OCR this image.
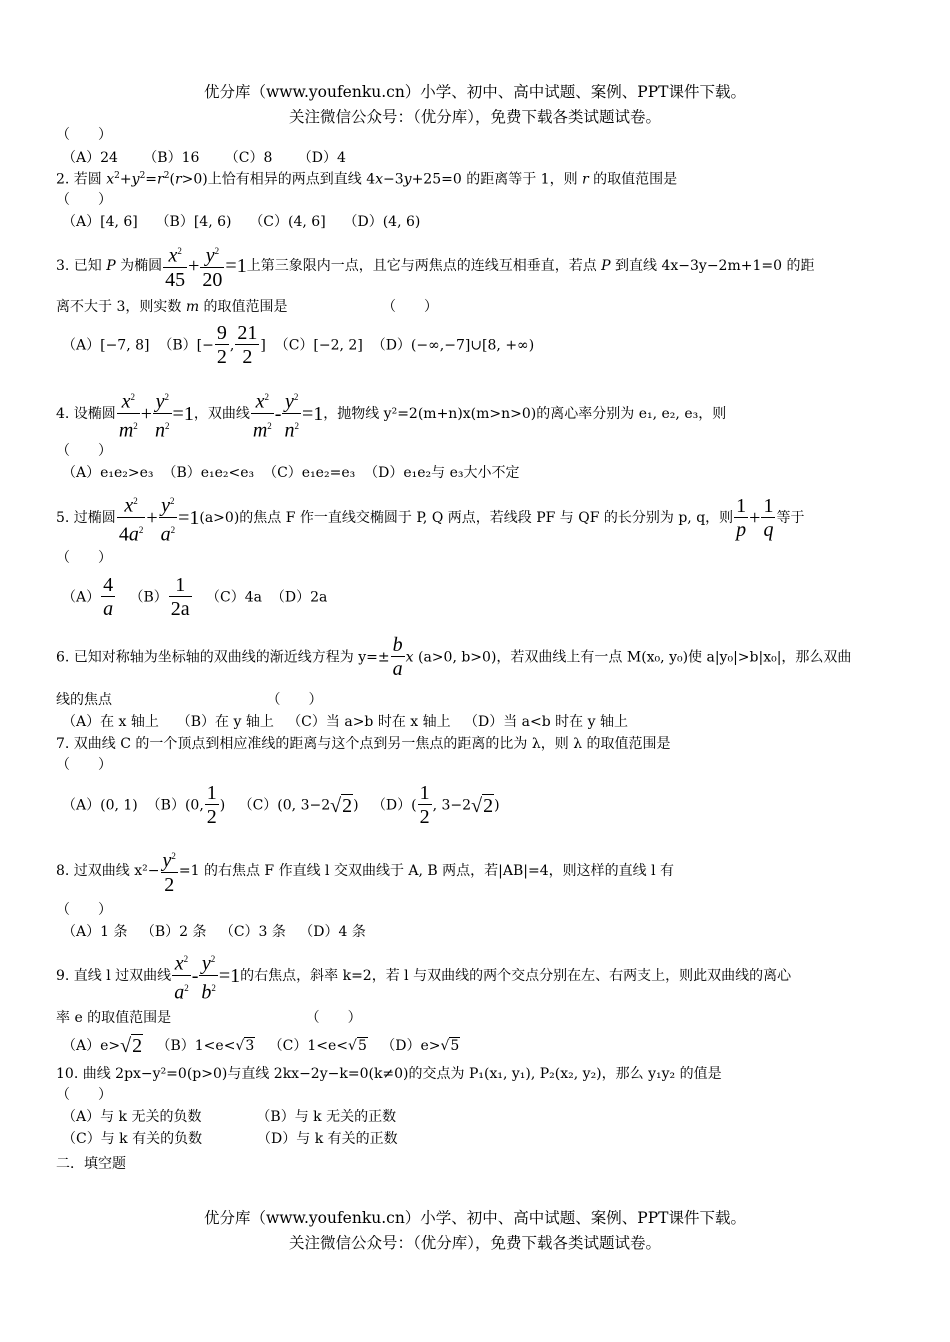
优分库（www.youfenku.cn）小学、初中、高中试题、案例、PPT课件下载。
关注微信公众号：（优分库），免费下载各类试题试卷。
（　　）
（A）24 （B）16 （C）8 （D）4
2. 若圆 $x^2+y^2=r^2(r>0)$上恰有相异的两点到直线 4x−3y+25=0 的距离等于 1，则 r 的取值范围是
（　　）
（A）[4, 6] （B）[4, 6) （C）(4, 6] （D）(4, 6)
3. 已知 P 为椭圆 $\frac{x^2}{45} + \frac{y^2}{20} =1$上第三象限内一点，且它与两焦点的连线互相垂直，若点 P 到直线 4x−3y−2m+1=0 的距
离不大于 3，则实数 m 的取值范围是	（　　）
（A）[−7, 8] $(B)[- \frac{9}{2}$ , $\frac{21}{2}$ ] （C）[−2, 2] （D）(−∞,−7]∪[8, +∞)
4. 设椭圆 $\frac{x^2}{m^2} + \frac{y^2}{n^2} =1$，双曲线 $\frac{x^2}{m^2} - \frac{y^2}{n^2} =1$，抛物线 y²=2(m+n)x(m>n>0)的离心率分别为 e₁, e₂, e₃，则
（　　）
（A）e₁e₂>e₃ （B）e₁e₂<e₃ （C）e₁e₂=e₃ （D）e₁e₂与 e₃大小不定
5. 过椭圆 $\frac{x^2}{4a^2} + \frac{y^2}{a^2} =1(a>0)$的焦点 F 作一直线交椭圆于 P, Q 两点，若线段 PF 与 QF 的长分别为 p, q，则 $\frac{1}{p} + \frac{1}{q}$ 等于
（　　）
$(A) \frac{4}{a} (B) \frac{1}{2a} (C)4a$ （D）2a
6. 已知对称轴为坐标轴的双曲线的渐近线方程为 $y=\pm \frac{b}{a}$ x (a>0, b>0)，若双曲线上有一点 M(x₀, y₀)使 a|y₀|>b|x₀|，那么双曲
线的焦点	（　　）
（A）在 x 轴上 （B）在 y 轴上 （C）当 a>b 时在 x 轴上 （D）当 a<b 时在 y 轴上
7. 双曲线 C 的一个顶点到相应准线的距离与这个点到另一焦点的距离的比为 λ，则 λ 的取值范围是
（　　）
（A）(0, 1) （B）(0, $\frac{1}{2}$ ) （C）(0, 3−2√2) $(D)( \frac{1}{2}$ , 3−2√2)
8. 过双曲线 $x^2- \frac{y^2}{2} =1$ 的右焦点 F 作直线 l 交双曲线于 A, B 两点，若|AB|=4，则这样的直线 l 有
（　　）
（A）1 条 （B）2 条 （C）3 条 （D）4 条
9. 直线 l 过双曲线 $\frac{x^2}{a^2} - \frac{y^2}{b^2} =1$的右焦点，斜率 k=2，若 l 与双曲线的两个交点分别在左、右两支上，则此双曲线的离心
率 e 的取值范围是	（　　）
（A）e>√2 （B）1<e<√3 （C）1<e<√5 （D）e>√5
10. 曲线 2px−y²=0(p>0)与直线 2kx−2y−k=0(k≠0)的交点为 P₁(x₁, y₁), P₂(x₂, y₂)，那么 y₁y₂ 的值是
（　　）
（A）与 k 无关的负数	（B）与 k 无关的正数
（C）与 k 有关的负数	（D）与 k 有关的正数
二．填空题
优分库（www.youfenku.cn）小学、初中、高中试题、案例、PPT课件下载。
关注微信公众号：（优分库），免费下载各类试题试卷。
